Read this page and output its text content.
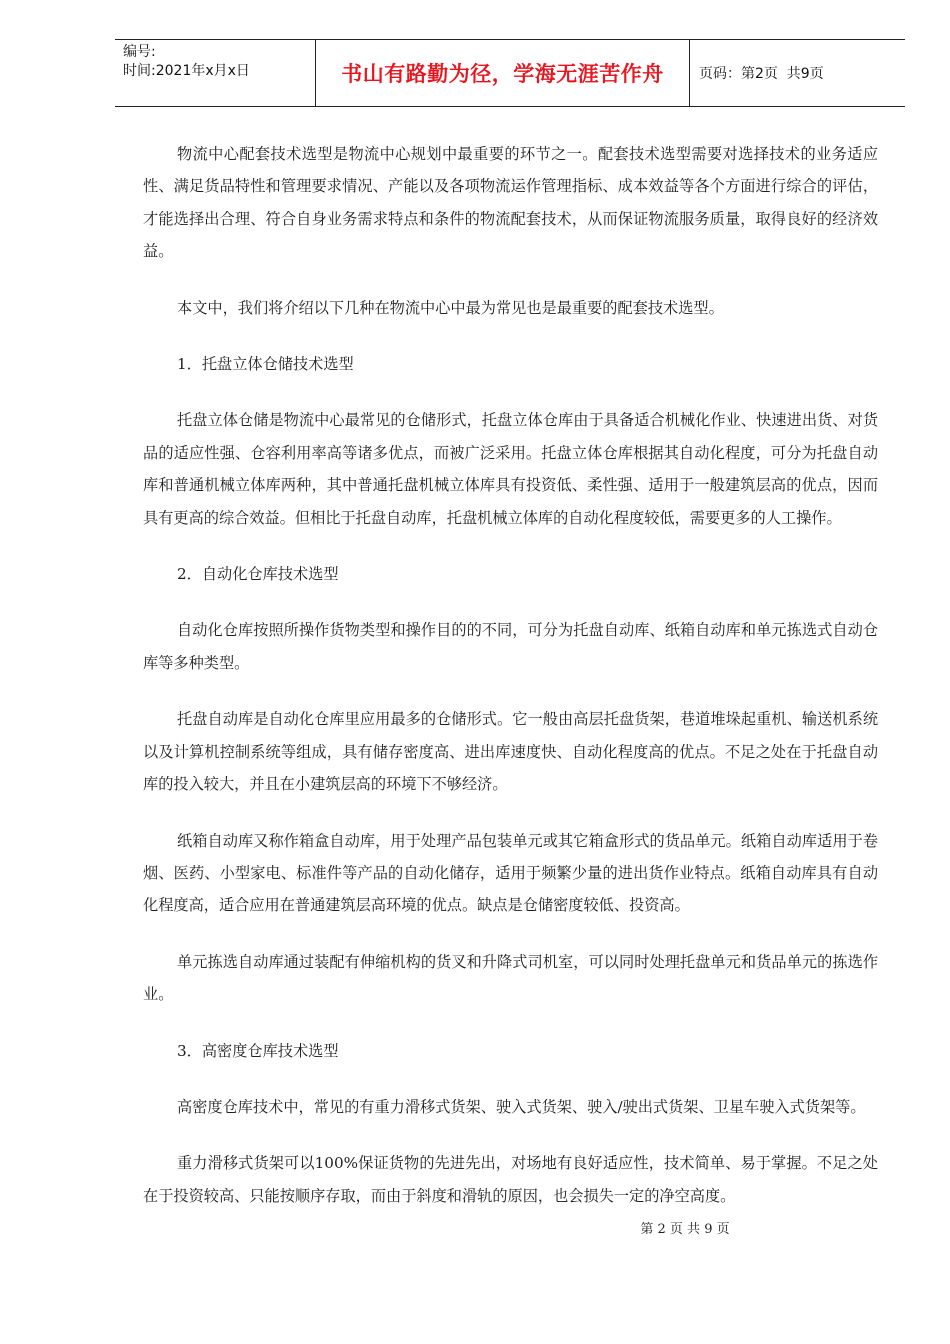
编号:
时间:2021年x月x日	书山有路勤为径，学海无涯苦作舟	页码：第2页  共9页

物流中心配套技术选型是物流中心规划中最重要的环节之一。配套技术选型需要对选择技术的业务适应性、满足货品特性和管理要求情况、产能以及各项物流运作管理指标、成本效益等各个方面进行综合的评估，才能选择出合理、符合自身业务需求特点和条件的物流配套技术，从而保证物流服务质量，取得良好的经济效益。

本文中，我们将介绍以下几种在物流中心中最为常见也是最重要的配套技术选型。

1．托盘立体仓储技术选型

托盘立体仓储是物流中心最常见的仓储形式，托盘立体仓库由于具备适合机械化作业、快速进出货、对货品的适应性强、仓容利用率高等诸多优点，而被广泛采用。托盘立体仓库根据其自动化程度，可分为托盘自动库和普通机械立体库两种，其中普通托盘机械立体库具有投资低、柔性强、适用于一般建筑层高的优点，因而具有更高的综合效益。但相比于托盘自动库，托盘机械立体库的自动化程度较低，需要更多的人工操作。

2．自动化仓库技术选型

自动化仓库按照所操作货物类型和操作目的的不同，可分为托盘自动库、纸箱自动库和单元拣选式自动仓库等多种类型。

托盘自动库是自动化仓库里应用最多的仓储形式。它一般由高层托盘货架，巷道堆垛起重机、输送机系统以及计算机控制系统等组成，具有储存密度高、进出库速度快、自动化程度高的优点。不足之处在于托盘自动库的投入较大，并且在小建筑层高的环境下不够经济。

纸箱自动库又称作箱盒自动库，用于处理产品包装单元或其它箱盒形式的货品单元。纸箱自动库适用于卷烟、医药、小型家电、标准件等产品的自动化储存，适用于频繁少量的进出货作业特点。纸箱自动库具有自动化程度高，适合应用在普通建筑层高环境的优点。缺点是仓储密度较低、投资高。

单元拣选自动库通过装配有伸缩机构的货叉和升降式司机室，可以同时处理托盘单元和货品单元的拣选作业。

3．高密度仓库技术选型

高密度仓库技术中，常见的有重力滑移式货架、驶入式货架、驶入/驶出式货架、卫星车驶入式货架等。

重力滑移式货架可以100%保证货物的先进先出，对场地有良好适应性，技术简单、易于掌握。不足之处在于投资较高、只能按顺序存取，而由于斜度和滑轨的原因，也会损失一定的净空高度。

第 2 页 共 9 页
